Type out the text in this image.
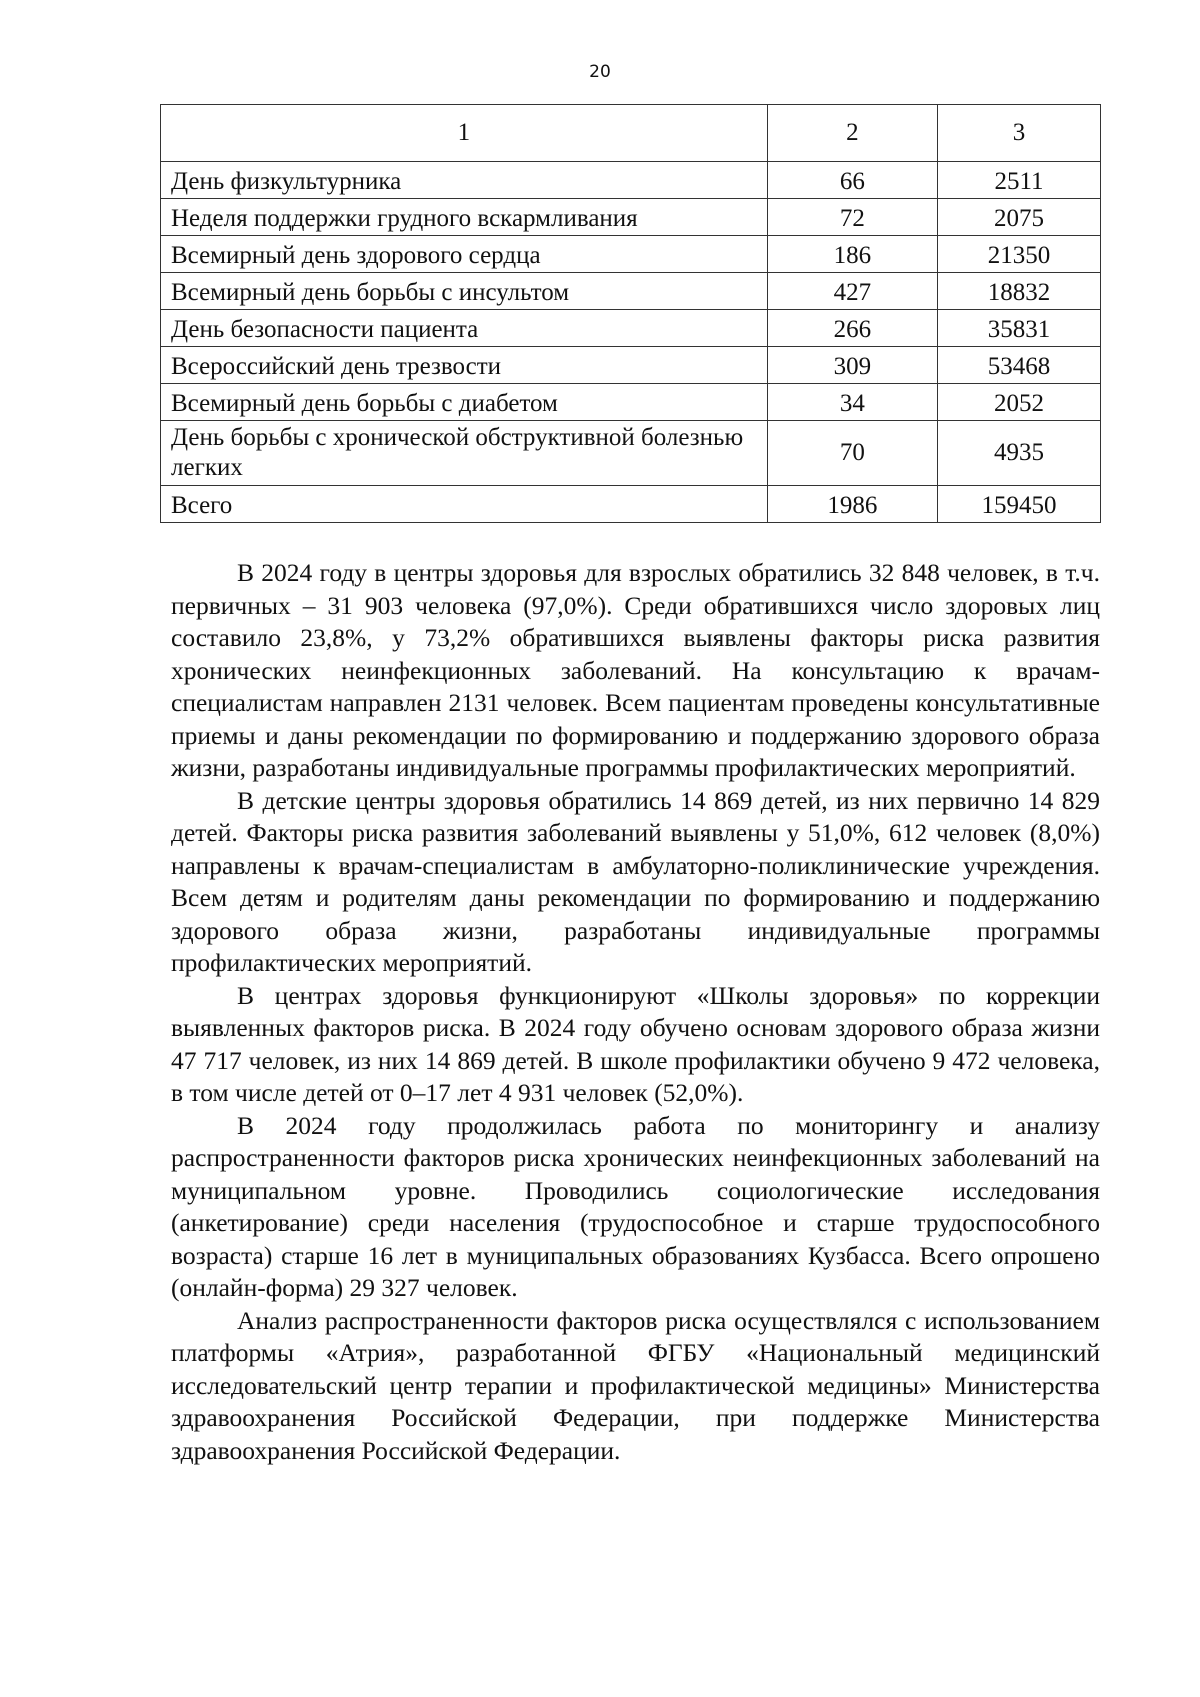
20
1	2	3
День физкультурника	66	2511
Неделя поддержки грудного вскармливания	72	2075
Всемирный день здорового сердца	186	21350
Всемирный день борьбы с инсультом	427	18832
День безопасности пациента	266	35831
Всероссийский день трезвости	309	53468
Всемирный день борьбы с диабетом	34	2052
День борьбы с хронической обструктивной болезнью легких	70	4935
Всего	1986	159450

В 2024 году в центры здоровья для взрослых обратились 32 848 человек, в т.ч. первичных – 31 903 человека (97,0%). Среди обратившихся число здоровых лиц составило 23,8%, у 73,2% обратившихся выявлены факторы риска развития хронических неинфекционных заболеваний. На консультацию к врачам-специалистам направлен 2131 человек. Всем пациентам проведены консультативные приемы и даны рекомендации по формированию и поддержанию здорового образа жизни, разработаны индивидуальные программы профилактических мероприятий.

В детские центры здоровья обратились 14 869 детей, из них первично 14 829 детей. Факторы риска развития заболеваний выявлены у 51,0%, 612 человек (8,0%) направлены к врачам-специалистам в амбулаторно-поликлинические учреждения. Всем детям и родителям даны рекомендации по формированию и поддержанию здорового образа жизни, разработаны индивидуальные программы профилактических мероприятий.

В центрах здоровья функционируют «Школы здоровья» по коррекции выявленных факторов риска. В 2024 году обучено основам здорового образа жизни 47 717 человек, из них 14 869 детей. В школе профилактики обучено 9 472 человека, в том числе детей от 0–17 лет 4 931 человек (52,0%).

В 2024 году продолжилась работа по мониторингу и анализу распространенности факторов риска хронических неинфекционных заболеваний на муниципальном уровне. Проводились социологические исследования (анкетирование) среди населения (трудоспособное и старше трудоспособного возраста) старше 16 лет в муниципальных образованиях Кузбасса. Всего опрошено (онлайн-форма) 29 327 человек.

Анализ распространенности факторов риска осуществлялся с использованием платформы «Атрия», разработанной ФГБУ «Национальный медицинский исследовательский центр терапии и профилактической медицины» Министерства здравоохранения Российской Федерации, при поддержке Министерства здравоохранения Российской Федерации.
